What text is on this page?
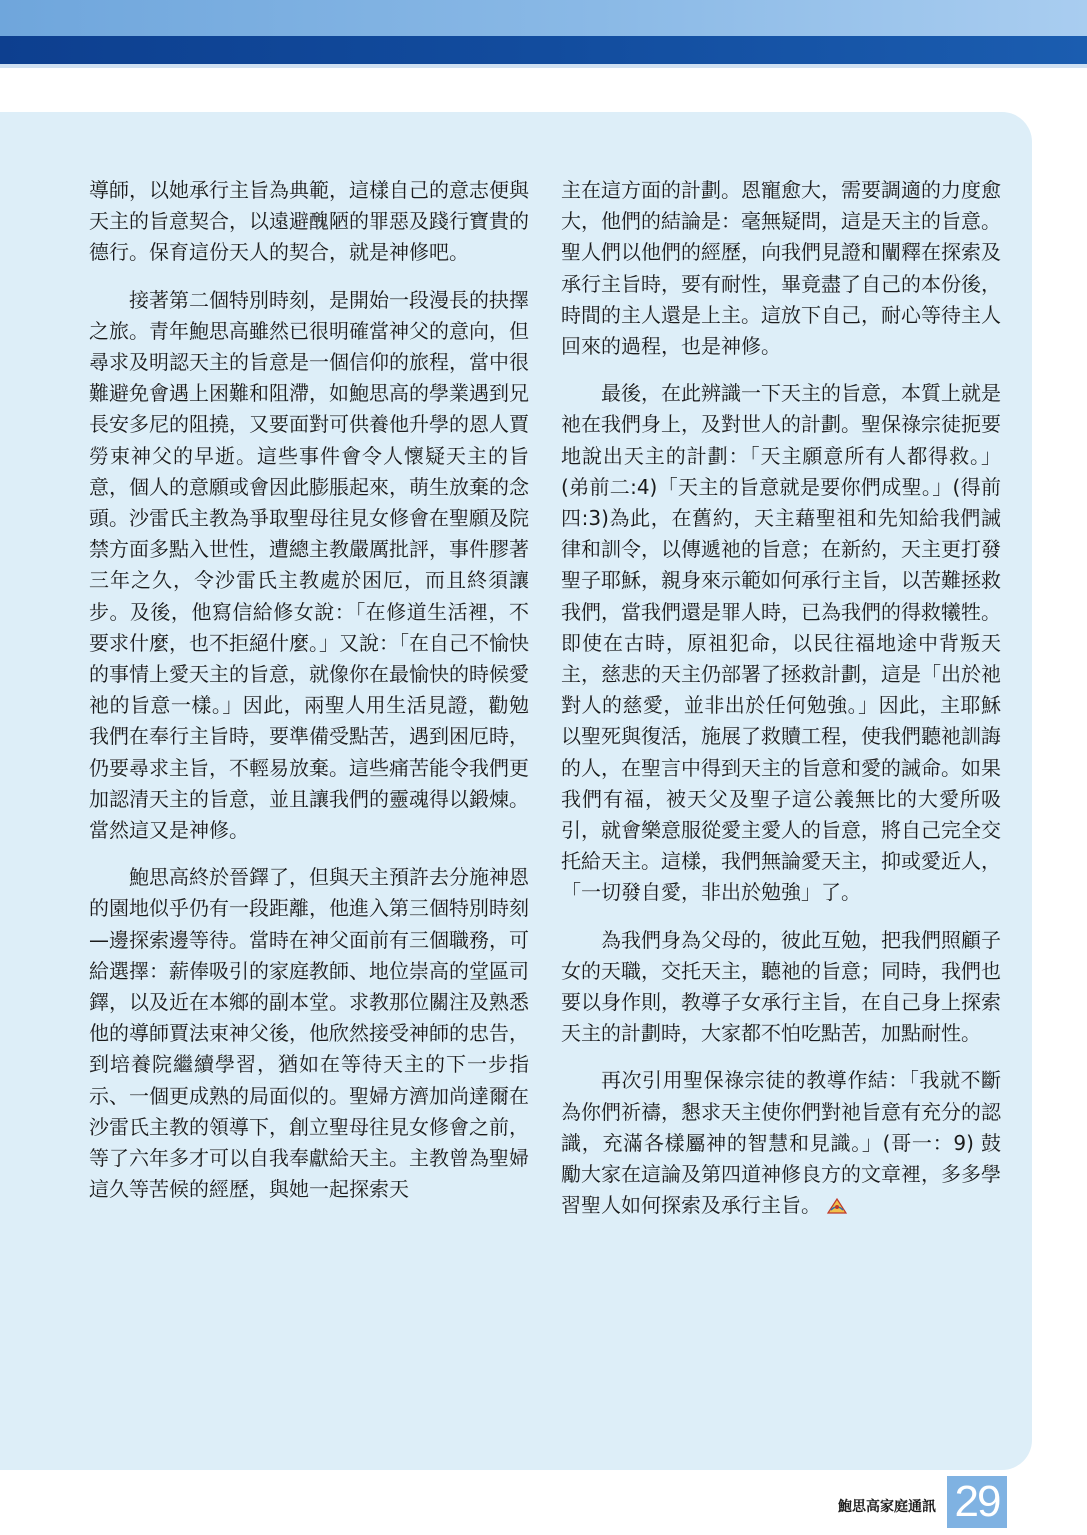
導師，以她承行主旨為典範，這樣自己的意志便與天主的旨意契合，以遠避醜陋的罪惡及踐行寶貴的德行。保育這份天人的契合，就是神修吧。

接著第二個特別時刻，是開始一段漫長的抉擇之旅。青年鮑思高雖然已很明確當神父的意向，但尋求及明認天主的旨意是一個信仰的旅程，當中很難避免會遇上困難和阻滯，如鮑思高的學業遇到兄長安多尼的阻撓，又要面對可供養他升學的恩人賈勞束神父的早逝。這些事件會令人懷疑天主的旨意，個人的意願或會因此膨脹起來，萌生放棄的念頭。沙雷氏主教為爭取聖母往見女修會在聖願及院禁方面多點入世性，遭總主教嚴厲批評，事件膠著三年之久，令沙雷氏主教處於困厄，而且終須讓步。及後，他寫信給修女說：「在修道生活裡，不要求什麼，也不拒絕什麼。」又說：「在自己不愉快的事情上愛天主的旨意，就像你在最愉快的時候愛祂的旨意一樣。」因此，兩聖人用生活見證，勸勉我們在奉行主旨時，要準備受點苦，遇到困厄時，仍要尋求主旨，不輕易放棄。這些痛苦能令我們更加認清天主的旨意，並且讓我們的靈魂得以鍛煉。當然這又是神修。

鮑思高終於晉鐸了，但與天主預許去分施神恩的園地似乎仍有一段距離，他進入第三個特別時刻—邊探索邊等待。當時在神父面前有三個職務，可給選擇：薪俸吸引的家庭教師、地位崇高的堂區司鐸，以及近在本鄉的副本堂。求教那位關注及熟悉他的導師賈法束神父後，他欣然接受神師的忠告，到培養院繼續學習，猶如在等待天主的下一步指示、一個更成熟的局面似的。聖婦方濟加尚達爾在沙雷氏主教的領導下，創立聖母往見女修會之前，等了六年多才可以自我奉獻給天主。主教曾為聖婦這久等苦候的經歷，與她一起探索天

主在這方面的計劃。恩寵愈大，需要調適的力度愈大，他們的結論是：毫無疑問，這是天主的旨意。聖人們以他們的經歷，向我們見證和闡釋在探索及承行主旨時，要有耐性，畢竟盡了自己的本份後，時間的主人還是上主。這放下自己，耐心等待主人回來的過程，也是神修。

最後，在此辨識一下天主的旨意，本質上就是祂在我們身上，及對世人的計劃。聖保祿宗徒扼要地說出天主的計劃：「天主願意所有人都得救。」(弟前二:4)「天主的旨意就是要你們成聖。」(得前四:3)為此，在舊約，天主藉聖祖和先知給我們誡律和訓令，以傳遞祂的旨意；在新約，天主更打發聖子耶穌，親身來示範如何承行主旨，以苦難拯救我們，當我們還是罪人時，已為我們的得救犧牲。即使在古時，原祖犯命，以民往福地途中背叛天主，慈悲的天主仍部署了拯救計劃，這是「出於祂對人的慈愛，並非出於任何勉強。」因此，主耶穌以聖死與復活，施展了救贖工程，使我們聽祂訓誨的人，在聖言中得到天主的旨意和愛的誡命。如果我們有福，被天父及聖子這公義無比的大愛所吸引，就會樂意服從愛主愛人的旨意，將自己完全交托給天主。這樣，我們無論愛天主，抑或愛近人，「一切發自愛，非出於勉強」了。

為我們身為父母的，彼此互勉，把我們照顧子女的天職，交托天主，聽祂的旨意；同時，我們也要以身作則，教導子女承行主旨，在自己身上探索天主的計劃時，大家都不怕吃點苦，加點耐性。

再次引用聖保祿宗徒的教導作結：「我就不斷為你們祈禱，懇求天主使你們對祂旨意有充分的認識，充滿各樣屬神的智慧和見識。」(哥一：9) 鼓勵大家在這論及第四道神修良方的文章裡，多多學習聖人如何探索及承行主旨。

鮑思高家庭通訊 29
